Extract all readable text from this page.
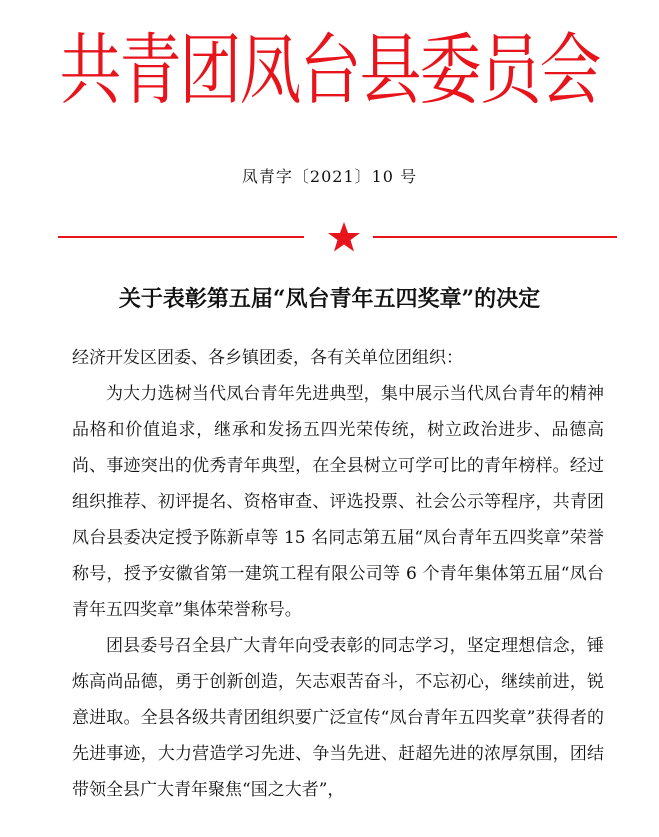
共青团凤台县委员会
凤青字〔2021〕10 号
关于表彰第五届“凤台青年五四奖章”的决定

经济开发区团委、各乡镇团委，各有关单位团组织：

为大力选树当代凤台青年先进典型，集中展示当代凤台青年的精神品格和价值追求，继承和发扬五四光荣传统，树立政治进步、品德高尚、事迹突出的优秀青年典型，在全县树立可学可比的青年榜样。经过组织推荐、初评提名、资格审查、评选投票、社会公示等程序，共青团凤台县委决定授予陈新卓等 15 名同志第五届“凤台青年五四奖章”荣誉称号，授予安徽省第一建筑工程有限公司等 6 个青年集体第五届“凤台青年五四奖章”集体荣誉称号。

团县委号召全县广大青年向受表彰的同志学习，坚定理想信念，锤炼高尚品德，勇于创新创造，矢志艰苦奋斗，不忘初心，继续前进，锐意进取。全县各级共青团组织要广泛宣传“凤台青年五四奖章”获得者的先进事迹，大力营造学习先进、争当先进、赶超先进的浓厚氛围，团结带领全县广大青年聚焦“国之大者”，
